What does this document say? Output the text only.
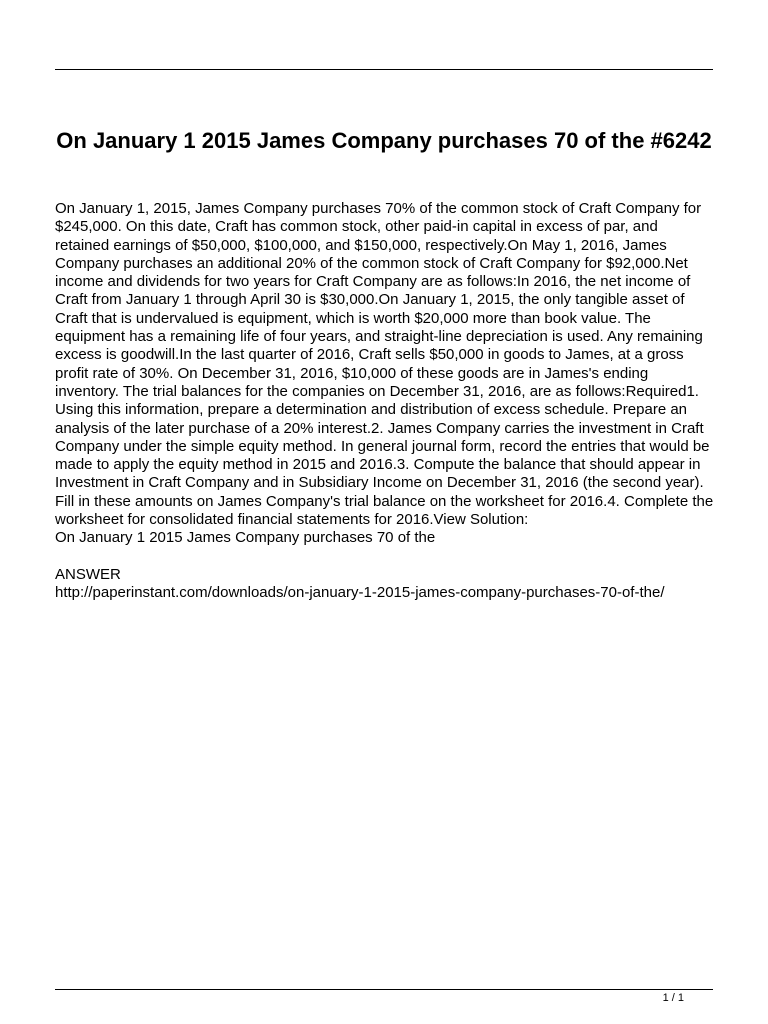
On January 1 2015 James Company purchases 70 of the #6242

On January 1, 2015, James Company purchases 70% of the common stock of Craft Company for $245,000. On this date, Craft has common stock, other paid-in capital in excess of par, and retained earnings of $50,000, $100,000, and $150,000, respectively.On May 1, 2016, James Company purchases an additional 20% of the common stock of Craft Company for $92,000.Net income and dividends for two years for Craft Company are as follows:In 2016, the net income of Craft from January 1 through April 30 is $30,000.On January 1, 2015, the only tangible asset of Craft that is undervalued is equipment, which is worth $20,000 more than book value. The equipment has a remaining life of four years, and straight-line depreciation is used. Any remaining excess is goodwill.In the last quarter of 2016, Craft sells $50,000 in goods to James, at a gross profit rate of 30%. On December 31, 2016, $10,000 of these goods are in James's ending inventory. The trial balances for the companies on December 31, 2016, are as follows:Required1. Using this information, prepare a determination and distribution of excess schedule. Prepare an analysis of the later purchase of a 20% interest.2. James Company carries the investment in Craft Company under the simple equity method. In general journal form, record the entries that would be made to apply the equity method in 2015 and 2016.3. Compute the balance that should appear in Investment in Craft Company and in Subsidiary Income on December 31, 2016 (the second year). Fill in these amounts on James Company's trial balance on the worksheet for 2016.4. Complete the worksheet for consolidated financial statements for 2016.View Solution:

On January 1 2015 James Company purchases 70 of the

ANSWER

http://paperinstant.com/downloads/on-january-1-2015-james-company-purchases-70-of-the/

1 / 1
